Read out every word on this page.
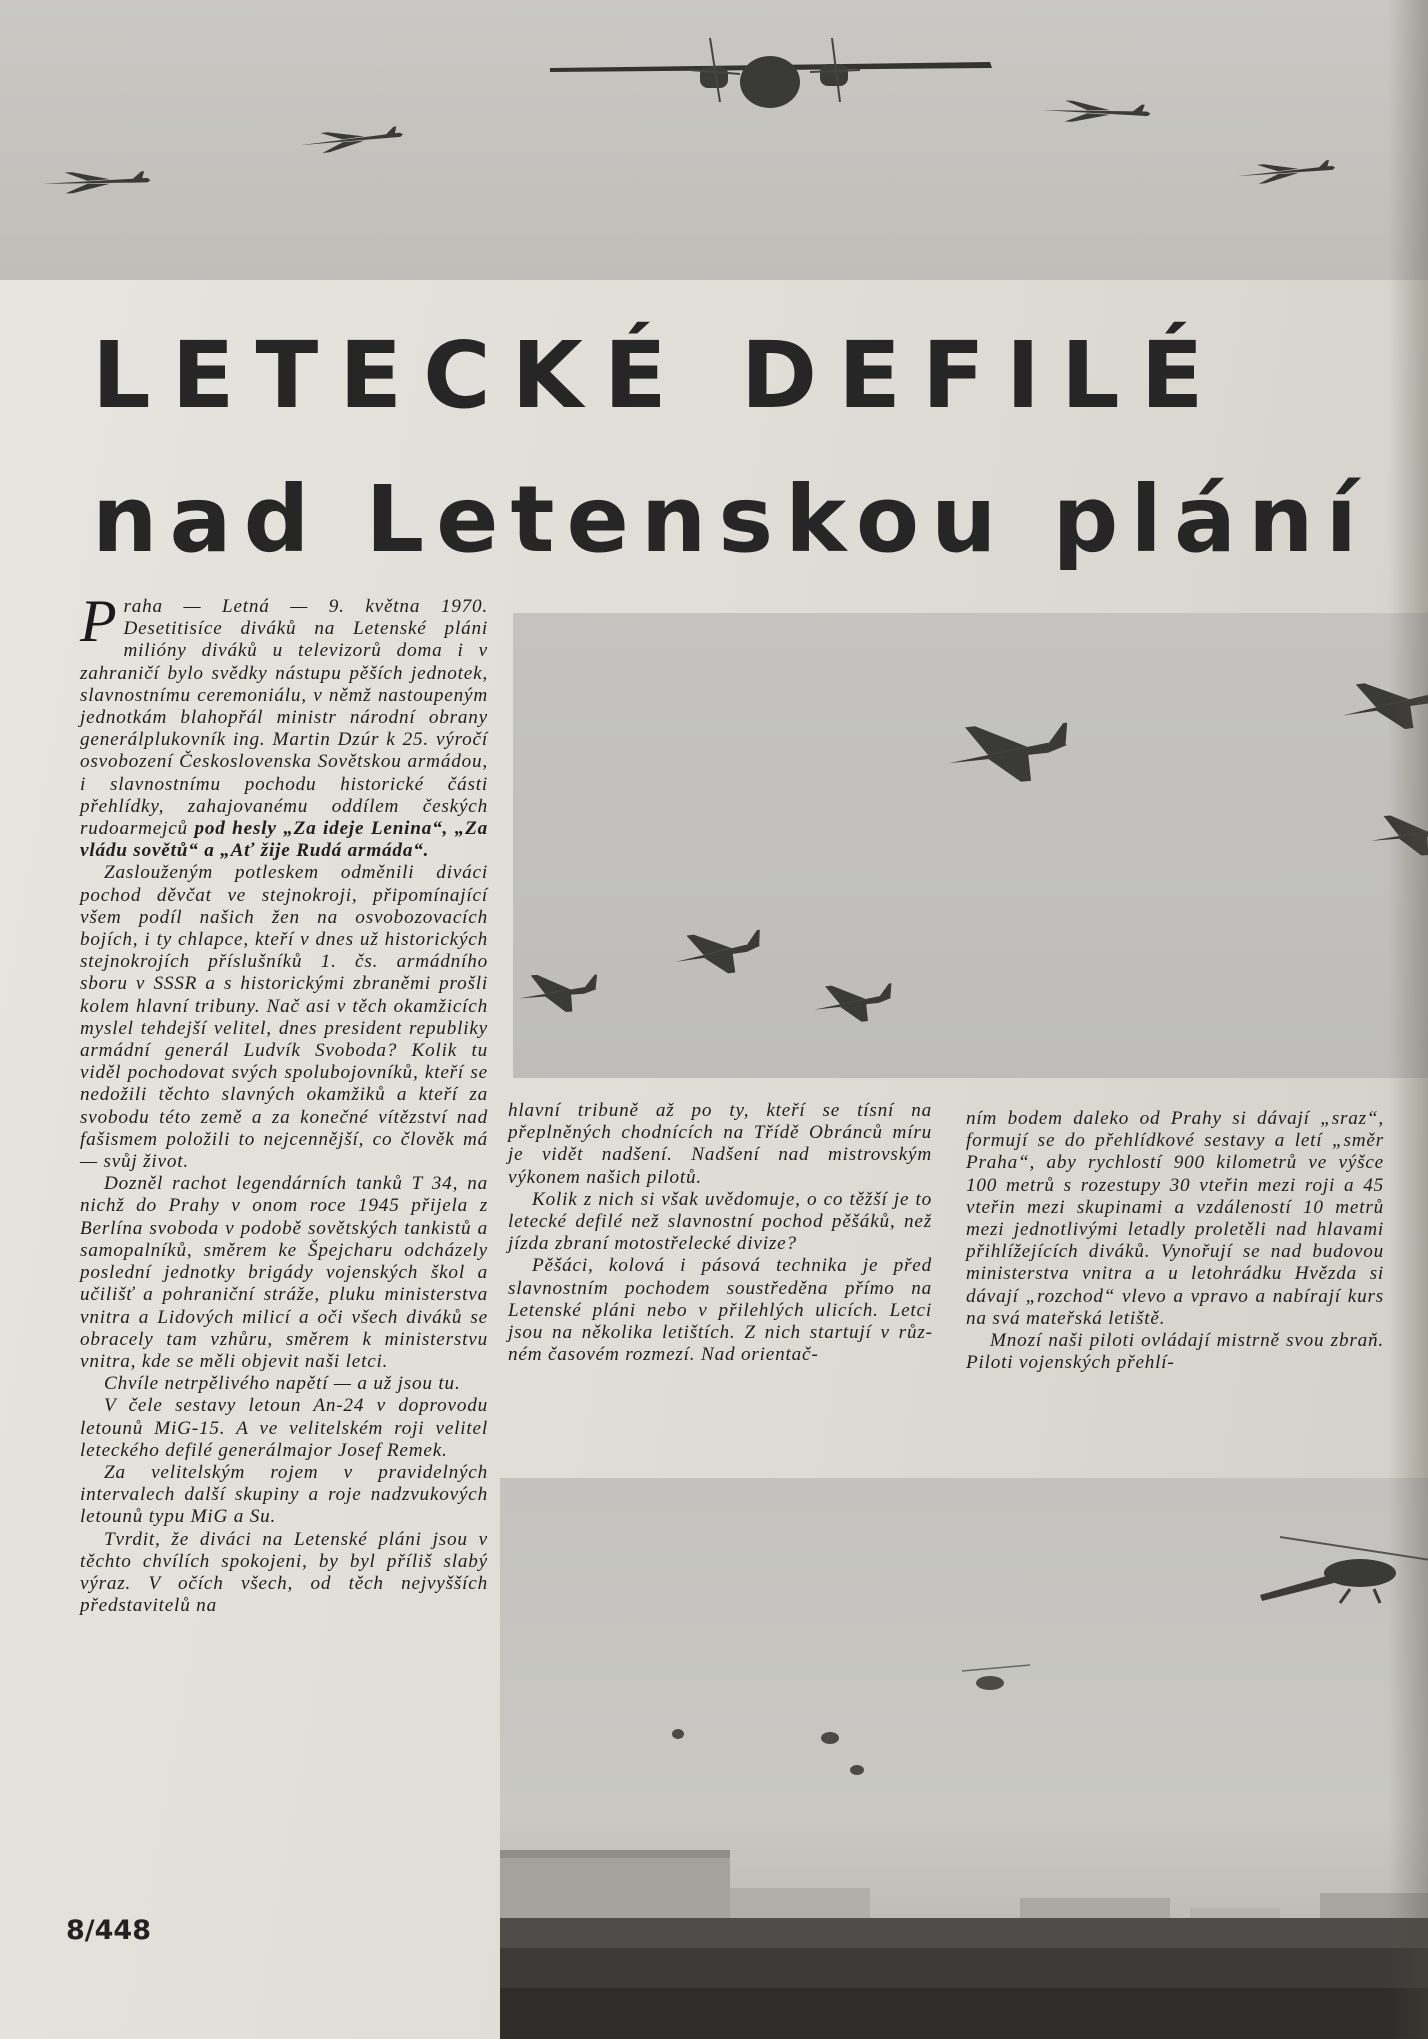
LETECKÉ DEFILÉ
nad Letenskou plání

Praha — Letná — 9. května 1970. Desetitisíce diváků na Letenské pláni milióny diváků u televizorů doma i v zahraničí bylo svědky nástupu pěších jednotek, slavnostnímu ceremoniálu, v němž nastoupeným jednotkám blahopřál ministr národní obrany generálplukovník ing. Martin Dzúr k 25. výročí osvobození Československa Sovětskou armádou, i slavnostnímu pochodu historické části přehlídky, zahajovanému oddílem českých rudoarmejců pod hesly „Za ideje Lenina“, „Za vládu sovětů“ a „Ať žije Rudá armáda“.

Zaslouženým potleskem odměnili diváci pochod děvčat ve stejnokroji, připomínající všem podíl našich žen na osvobozovacích bojích, i ty chlapce, kteří v dnes už historických stejnokrojích příslušníků 1. čs. armádního sboru v SSSR a s historickými zbraněmi prošli kolem hlavní tribuny. Nač asi v těch okamžicích myslel tehdejší velitel, dnes president republiky armádní generál Ludvík Svoboda? Kolik tu viděl pochodovat svých spolubojovníků, kteří se nedožili těchto slavných okamžiků a kteří za svobodu této země a za konečné vítězství nad fašismem položili to nejcennější, co člověk má — svůj život.

Dozněl rachot legendárních tanků T 34, na nichž do Prahy v onom roce 1945 přijela z Berlína svoboda v podobě sovětských tankistů a samopalníků, směrem ke Špejcharu odcházely poslední jednotky brigády vojenských škol a učilišť a pohraniční stráže, pluku ministerstva vnitra a Lidových milicí a oči všech diváků se obracely tam vzhůru, směrem k ministerstvu vnitra, kde se měli objevit naši letci.

Chvíle netrpělivého napětí — a už jsou tu.

V čele sestavy letoun An-24 v doprovodu letounů MiG-15. A ve velitelském roji velitel leteckého defilé generálmajor Josef Remek.

Za velitelským rojem v pravidelných intervalech další skupiny a roje nadzvukových letounů typu MiG a Su.

Tvrdit, že diváci na Letenské pláni jsou v těchto chvílích spokojeni, by byl příliš slabý výraz. V očích všech, od těch nejvyšších představitelů na

hlavní tribuně až po ty, kteří se tísní na přeplněných chodnících na Třídě Obránců míru je vidět nadšení. Nadšení nad mistrovským výkonem našich pilotů.

Kolik z nich si však uvědomuje, o co těžší je to letecké defilé než slavnostní pochod pěšáků, než jízda zbraní motostřelecké divize?

Pěšáci, kolová i pásová technika je před slavnostním pochodem soustředěna přímo na Letenské pláni nebo v přilehlých ulicích. Letci jsou na několika letištích. Z nich startují v různém časovém rozmezí. Nad orientač-

ním bodem daleko od Prahy si dávají „sraz“, formují se do přehlídkové sestavy a letí „směr Praha“, aby rychlostí 900 kilometrů ve výšce 100 metrů s rozestupy 30 vteřin mezi roji a 45 vteřin mezi skupinami a vzdáleností 10 metrů mezi jednotlivými letadly proletěli nad hlavami přihlížejících diváků. Vynořují se nad budovou ministerstva vnitra a u letohrádku Hvězda si dávají „rozchod“ vlevo a vpravo a nabírají kurs na svá mateřská letiště.

Mnozí naši piloti ovládají mistrně svou zbraň. Piloti vojenských přehlí-

8/448
